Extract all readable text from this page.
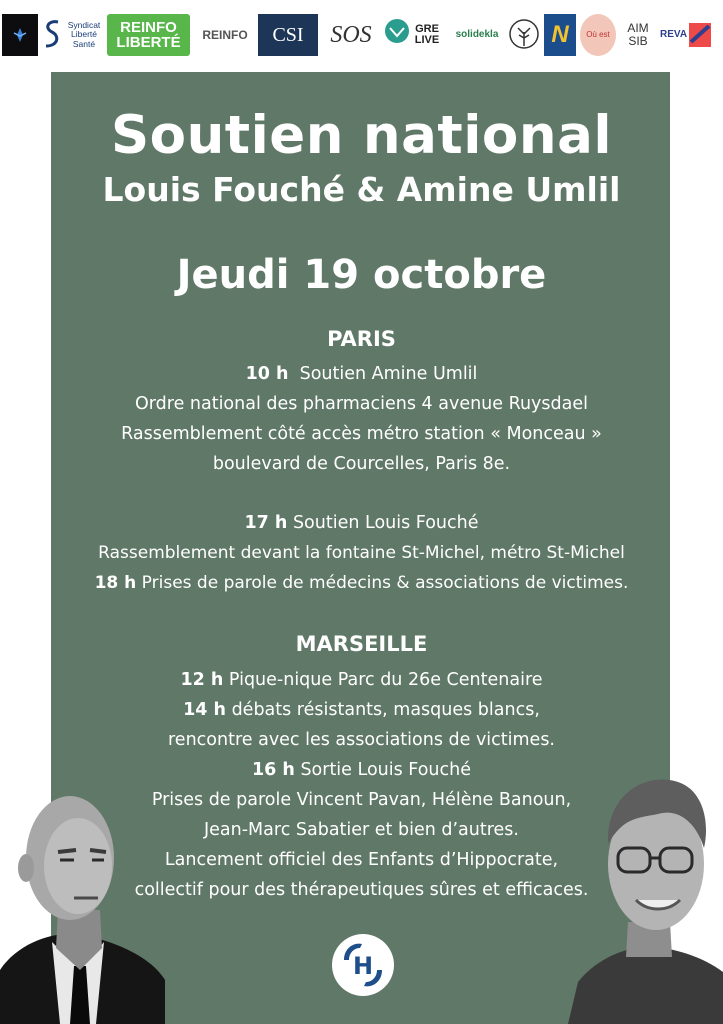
Syndicat Liberté Santé
REINFO LIBERTÉ	REINFO CSI SOS	GRE LIVE	solidekla N Où est	AIM SIB	REVA
Soutien national
Louis Fouché & Amine Umlil
Jeudi 19 octobre
PARIS
10 h  Soutien Amine Umlil
Ordre national des pharmaciens 4 avenue Ruysdael
Rassemblement côté accès métro station « Monceau »
boulevard de Courcelles, Paris 8e.
17 h Soutien Louis Fouché
Rassemblement devant la fontaine St-Michel, métro St-Michel
18 h Prises de parole de médecins & associations de victimes.
MARSEILLE
12 h Pique-nique Parc du 26e Centenaire
14 h débats résistants, masques blancs,
rencontre avec les associations de victimes.
16 h Sortie Louis Fouché
Prises de parole Vincent Pavan, Hélène Banoun,
Jean-Marc Sabatier et bien d’autres.
Lancement officiel des Enfants d’Hippocrate,
collectif pour des thérapeutiques sûres et efficaces.
H
